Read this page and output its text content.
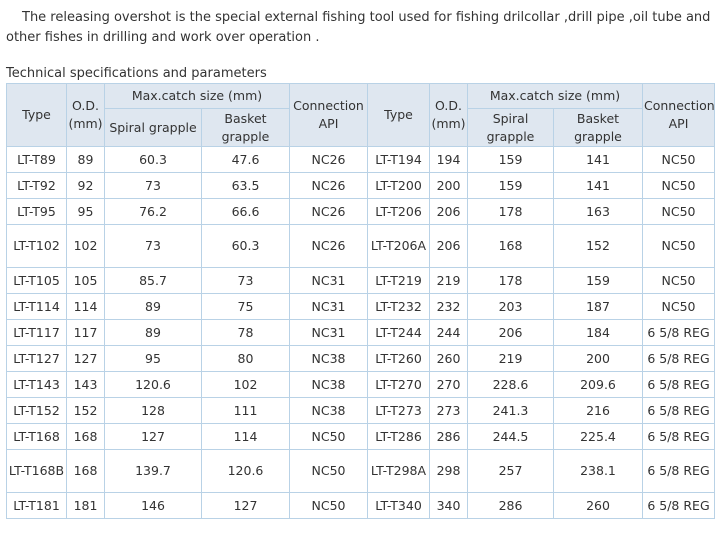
The releasing overshot is the special external fishing tool used for fishing drilcollar ,drill pipe ,oil tube and other fishes in drilling and work over operation .

Technical specifications and parameters

Type	O.D. (mm)	Max.catch size (mm)		Connection API	Type	O.D. (mm)	Max.catch size (mm)		Connection API
		Spiral grapple	Basket grapple				Spiral grapple	Basket grapple	
LT-T89	89	60.3	47.6	NC26	LT-T194	194	159	141	NC50
LT-T92	92	73	63.5	NC26	LT-T200	200	159	141	NC50
LT-T95	95	76.2	66.6	NC26	LT-T206	206	178	163	NC50
LT-T102	102	73	60.3	NC26	LT-T206A	206	168	152	NC50
LT-T105	105	85.7	73	NC31	LT-T219	219	178	159	NC50
LT-T114	114	89	75	NC31	LT-T232	232	203	187	NC50
LT-T117	117	89	78	NC31	LT-T244	244	206	184	6 5/8 REG
LT-T127	127	95	80	NC38	LT-T260	260	219	200	6 5/8 REG
LT-T143	143	120.6	102	NC38	LT-T270	270	228.6	209.6	6 5/8 REG
LT-T152	152	128	111	NC38	LT-T273	273	241.3	216	6 5/8 REG
LT-T168	168	127	114	NC50	LT-T286	286	244.5	225.4	6 5/8 REG
LT-T168B	168	139.7	120.6	NC50	LT-T298A	298	257	238.1	6 5/8 REG
LT-T181	181	146	127	NC50	LT-T340	340	286	260	6 5/8 REG
